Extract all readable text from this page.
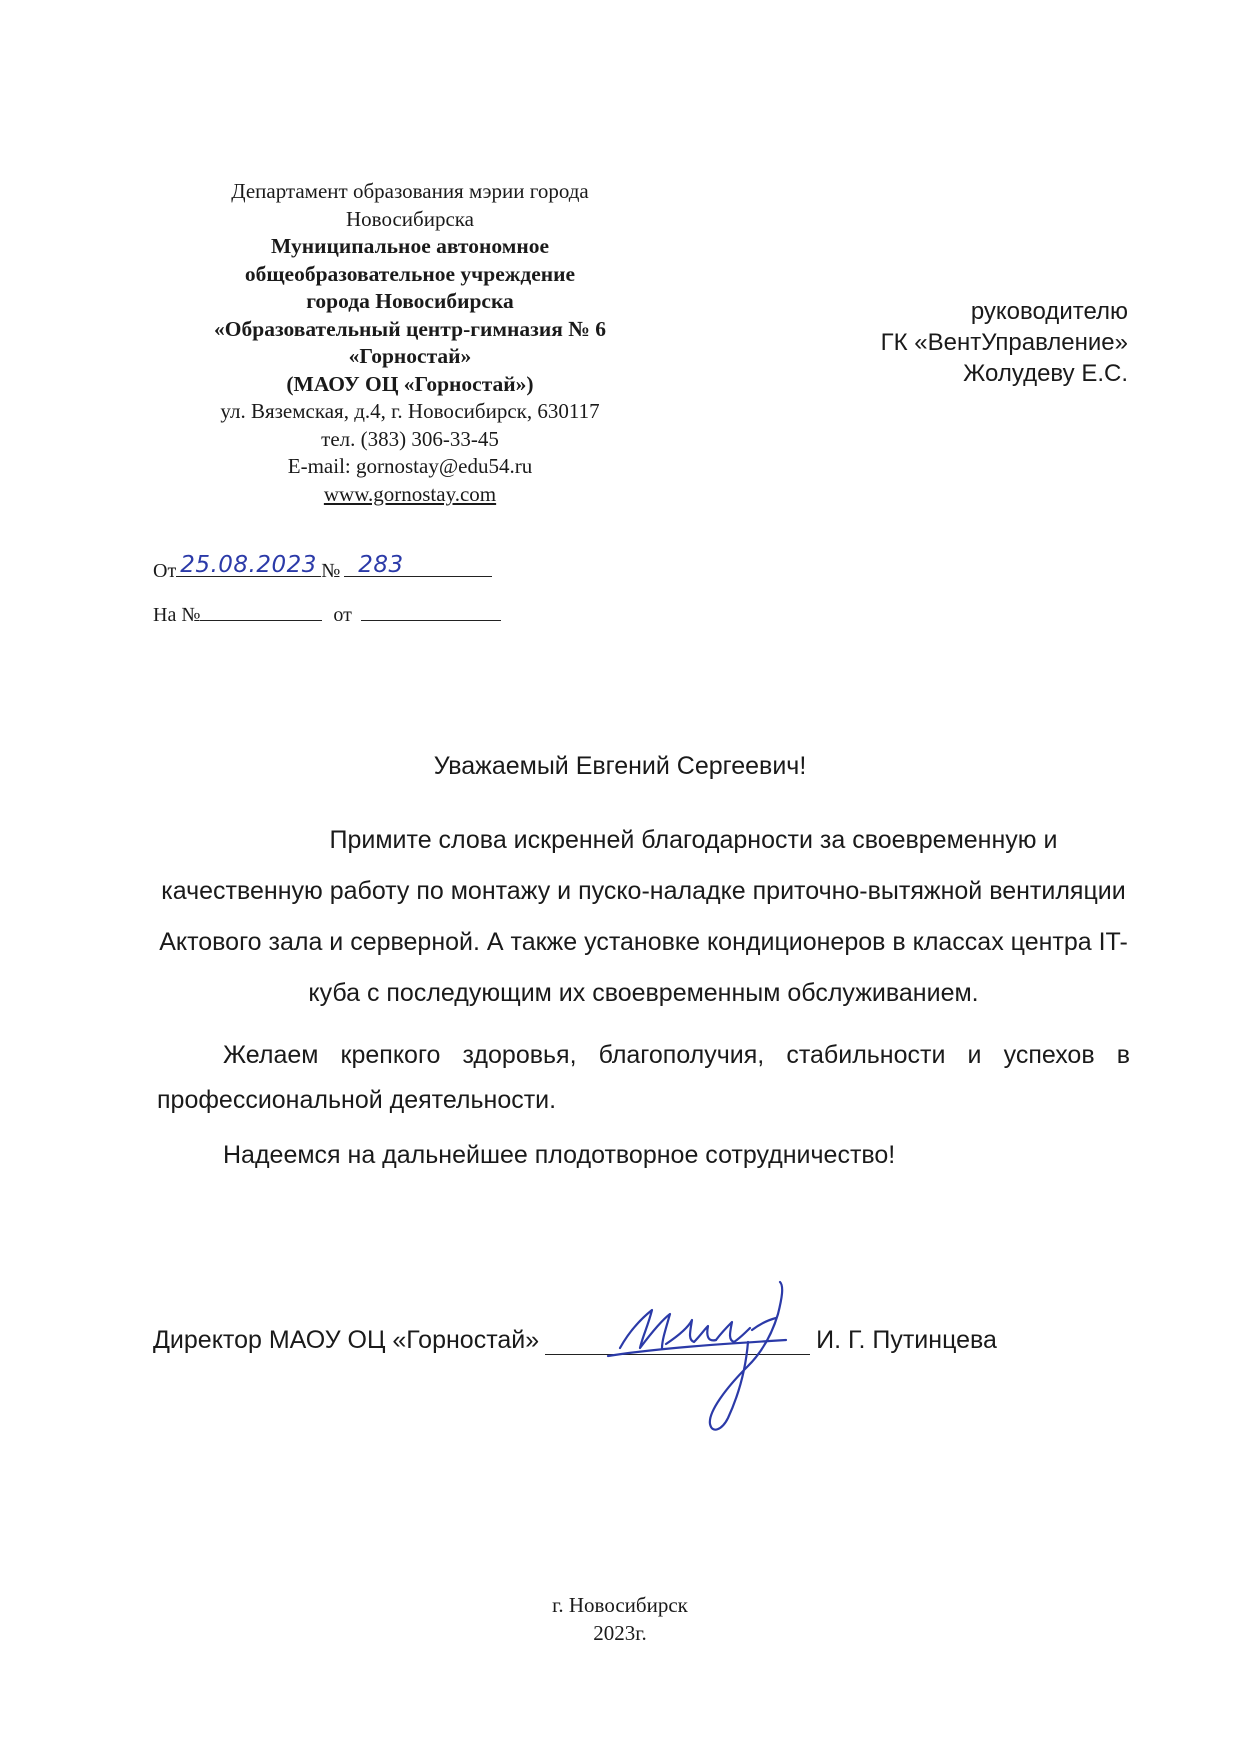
Департамент образования мэрии города
Новосибирска
Муниципальное автономное
общеобразовательное учреждение
города Новосибирска
«Образовательный центр-гимназия № 6
«Горностай»
(МАОУ ОЦ «Горностай»)
ул. Вяземская, д.4, г. Новосибирск, 630117
тел. (383) 306-33-45
E-mail: gornostay@edu54.ru
www.gornostay.com
руководителю
ГК «ВентУправление»
Жолудеву Е.С.
От 25.08.2023 № 283
На №	от
Уважаемый Евгений Сергеевич!

Примите слова искренней благодарности за своевременную и качественную работу по монтажу и пуско-наладке приточно-вытяжной вентиляции Актового зала и серверной. А также установке кондиционеров в классах центра IT-куба с последующим их своевременным обслуживанием.

Желаем крепкого здоровья, благополучия, стабильности и успехов в профессиональной деятельности.

Надеемся на дальнейшее плодотворное сотрудничество!

Директор МАОУ ОЦ «Горностай»	И. Г. Путинцева
г. Новосибирск
2023г.
